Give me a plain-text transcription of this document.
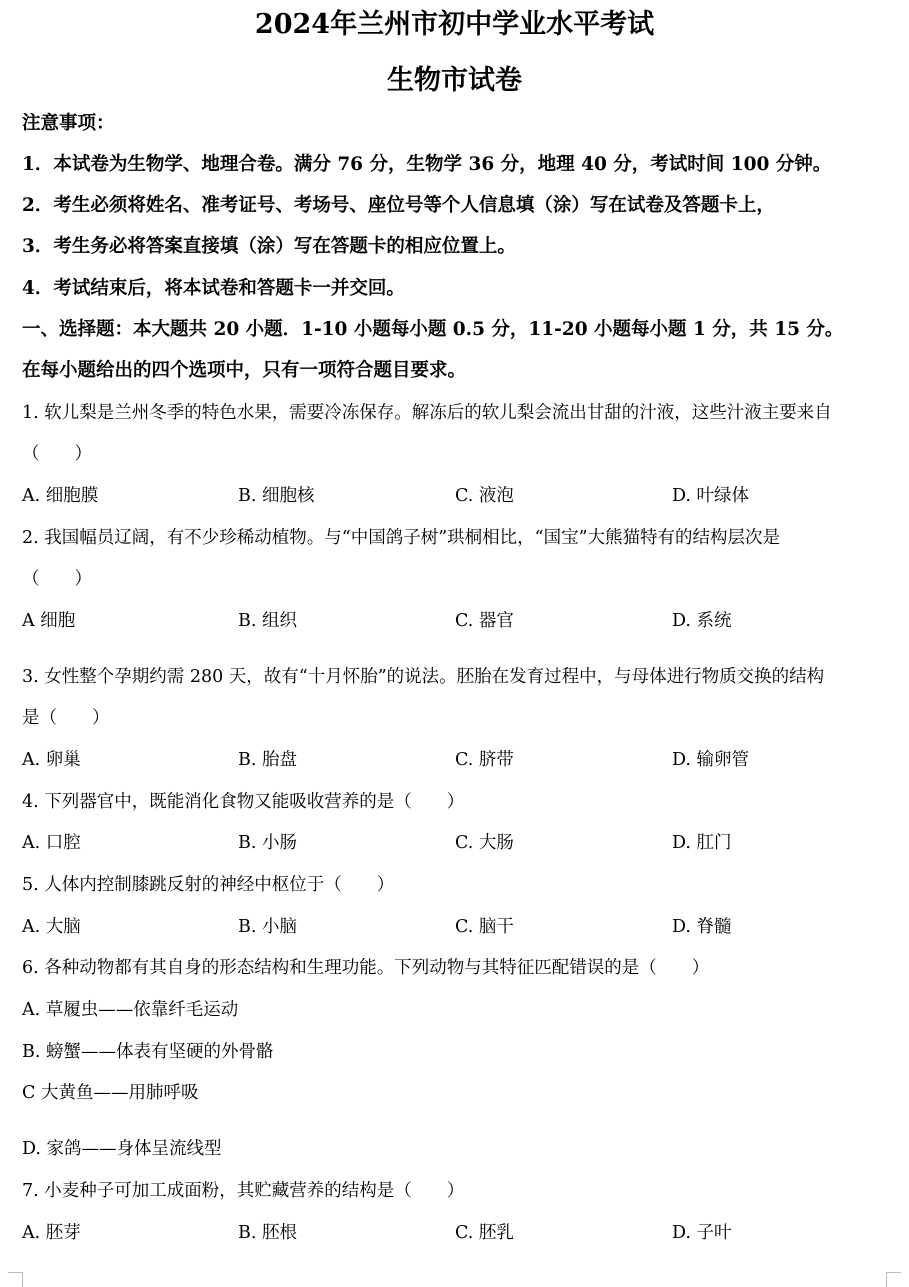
2024年兰州市初中学业水平考试
生物市试卷
注意事项：
1．本试卷为生物学、地理合卷。满分 76 分，生物学 36 分，地理 40 分，考试时间 100 分钟。
2．考生必须将姓名、准考证号、考场号、座位号等个人信息填（涂）写在试卷及答题卡上，
3．考生务必将答案直接填（涂）写在答题卡的相应位置上。
4．考试结束后，将本试卷和答题卡一并交回。
一、选择题：本大题共 20 小题．1-10 小题每小题 0.5 分，11-20 小题每小题 1 分，共 15 分。
在每小题给出的四个选项中，只有一项符合题目要求。
1. 软儿梨是兰州冬季的特色水果，需要冷冻保存。解冻后的软儿梨会流出甘甜的汁液，这些汁液主要来自
（　　）
A. 细胞膜	B. 细胞核	C. 液泡	D. 叶绿体
2. 我国幅员辽阔，有不少珍稀动植物。与“中国鸽子树”珙桐相比，“国宝”大熊猫特有的结构层次是
（　　）
A 细胞	B. 组织	C. 器官	D. 系统
3. 女性整个孕期约需 280 天，故有“十月怀胎”的说法。胚胎在发育过程中，与母体进行物质交换的结构
是（　　）
A. 卵巢	B. 胎盘	C. 脐带	D. 输卵管
4. 下列器官中，既能消化食物又能吸收营养的是（　　）
A. 口腔	B. 小肠	C. 大肠	D. 肛门
5. 人体内控制膝跳反射的神经中枢位于（　　）
A. 大脑	B. 小脑	C. 脑干	D. 脊髓
6. 各种动物都有其自身的形态结构和生理功能。下列动物与其特征匹配错误的是（　　）
A. 草履虫——依靠纤毛运动
B. 螃蟹——体表有坚硬的外骨骼
C 大黄鱼——用肺呼吸
D. 家鸽——身体呈流线型
7. 小麦种子可加工成面粉，其贮藏营养的结构是（　　）
A. 胚芽	B. 胚根	C. 胚乳	D. 子叶
